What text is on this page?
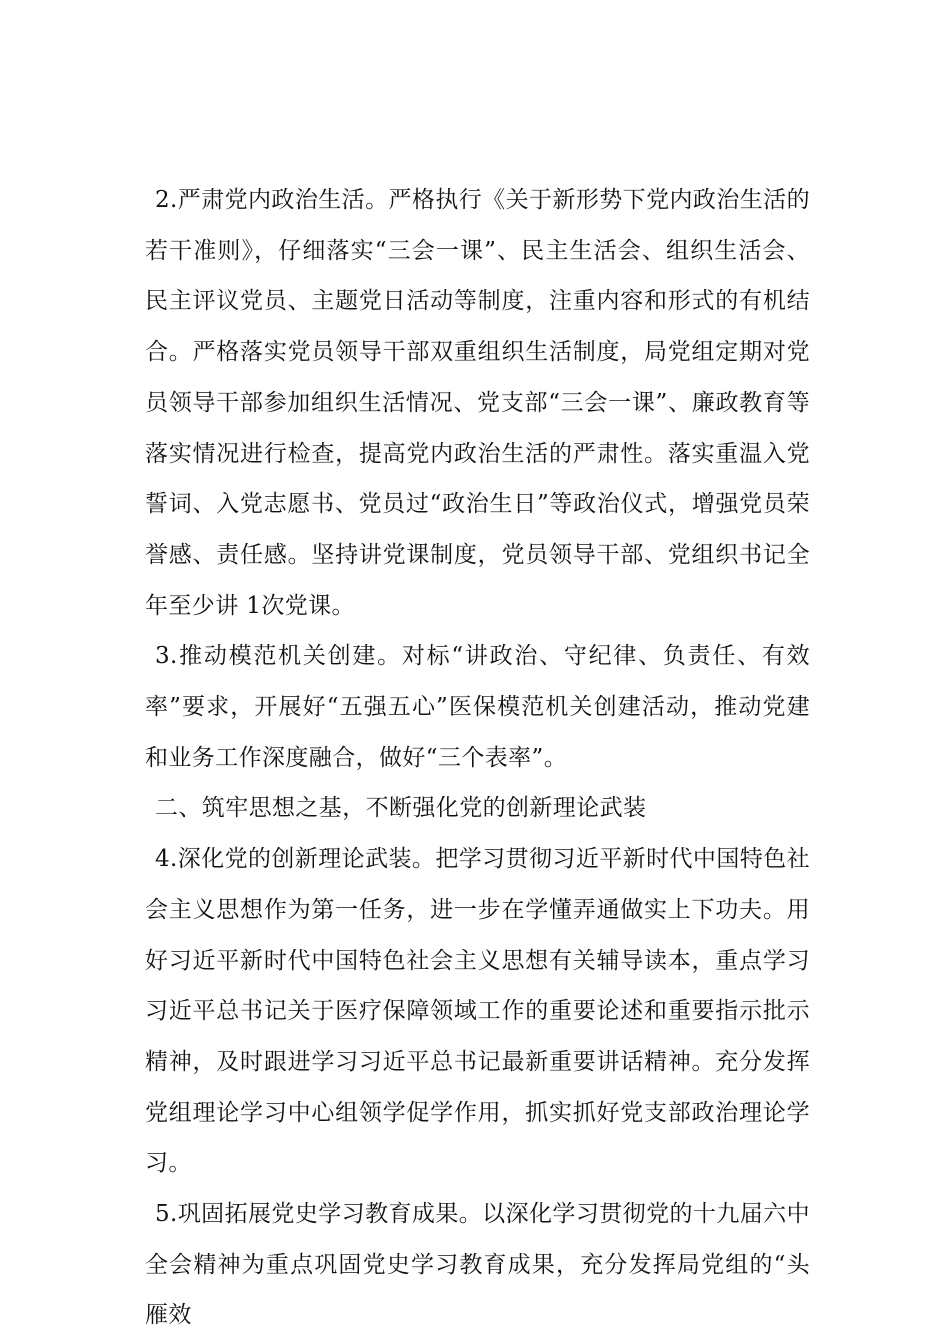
2.严肃党内政治生活。严格执行《关于新形势下党内政治生活的若干准则》，仔细落实“三会一课”、民主生活会、组织生活会、民主评议党员、主题党日活动等制度，注重内容和形式的有机结合。严格落实党员领导干部双重组织生活制度，局党组定期对党员领导干部参加组织生活情况、党支部“三会一课”、廉政教育等落实情况进行检查，提高党内政治生活的严肃性。落实重温入党誓词、入党志愿书、党员过“政治生日”等政治仪式，增强党员荣誉感、责任感。坚持讲党课制度，党员领导干部、党组织书记全年至少讲 1次党课。

3.推动模范机关创建。对标“讲政治、守纪律、负责任、有效率”要求，开展好“五强五心”医保模范机关创建活动，推动党建和业务工作深度融合，做好“三个表率”。

二、筑牢思想之基，不断强化党的创新理论武装

4.深化党的创新理论武装。把学习贯彻习近平新时代中国特色社会主义思想作为第一任务，进一步在学懂弄通做实上下功夫。用好习近平新时代中国特色社会主义思想有关辅导读本，重点学习习近平总书记关于医疗保障领域工作的重要论述和重要指示批示精神，及时跟进学习习近平总书记最新重要讲话精神。充分发挥党组理论学习中心组领学促学作用，抓实抓好党支部政治理论学习。

5.巩固拓展党史学习教育成果。以深化学习贯彻党的十九届六中全会精神为重点巩固党史学习教育成果，充分发挥局党组的“头雁效
